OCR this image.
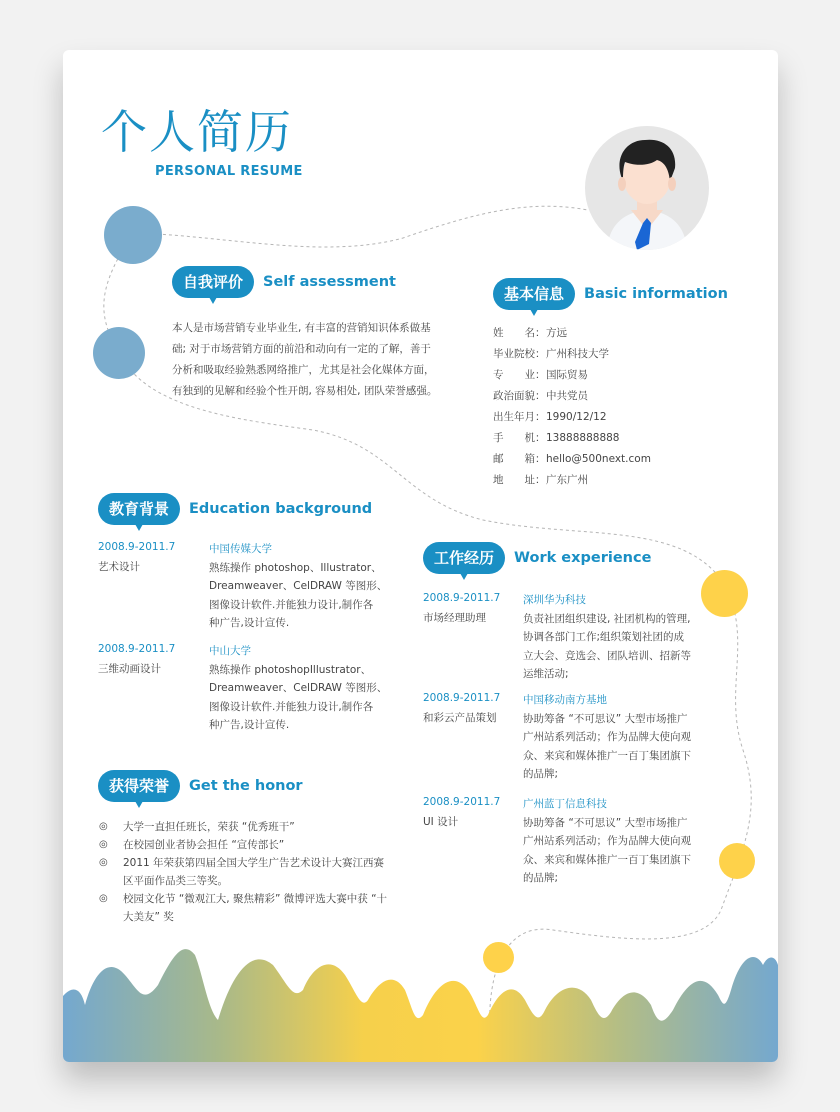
个人简历
PERSONAL RESUME
自我评价	Self assessment
本人是市场营销专业毕业生, 有丰富的营销知识体系做基
础; 对于市场营销方面的前沿和动向有一定的了解，善于
分析和吸取经验熟悉网络推广，尤其是社会化媒体方面，
有独到的见解和经验个性开朗, 容易相处, 团队荣誉感强。
基本信息	Basic information
姓　　名： 方远
毕业院校： 广州科技大学
专　　业： 国际贸易
政治面貌： 中共党员
出生年月： 1990/12/12
手　　机： 13888888888
邮　　箱： hello@500next.com
地　　址： 广东广州
教育背景	Education background
2008.9-2011.7
艺术设计
中国传媒大学
熟练操作 photoshop、Illustrator、
Dreamweaver、CelDRAW 等图形、
图像设计软件.并能独力设计,制作各
种广告,设计宣传.
2008.9-2011.7
三维动画设计
中山大学
熟练操作 photoshopIllustrator、
Dreamweaver、CelDRAW 等图形、
图像设计软件.并能独力设计,制作各
种广告,设计宣传.
工作经历	Work experience
2008.9-2011.7
市场经理助理
深圳华为科技
负责社团组织建设, 社团机构的管理,
协调各部门工作;组织策划社团的成
立大会、竞选会、团队培训、招新等
运维活动;
2008.9-2011.7
和彩云产品策划
中国移动南方基地
协助筹备 “不可思议” 大型市场推广
广州站系列活动；作为品牌大使向观
众、来宾和媒体推广一百丁集团旗下
的品牌;
2008.9-2011.7
UI 设计
广州蓝丁信息科技
协助筹备 “不可思议” 大型市场推广
广州站系列活动；作为品牌大使向观
众、来宾和媒体推广一百丁集团旗下
的品牌;
获得荣誉	Get the honor
◎ 大学一直担任班长，荣获 “优秀班干”
◎ 在校园创业者协会担任 “宣传部长”
◎ 2011 年荣获第四届全国大学生广告艺术设计大赛江西赛
区平面作品类三等奖。
◎ 校园文化节 “微观江大, 聚焦精彩” 微博评选大赛中获 “十
大美友” 奖
